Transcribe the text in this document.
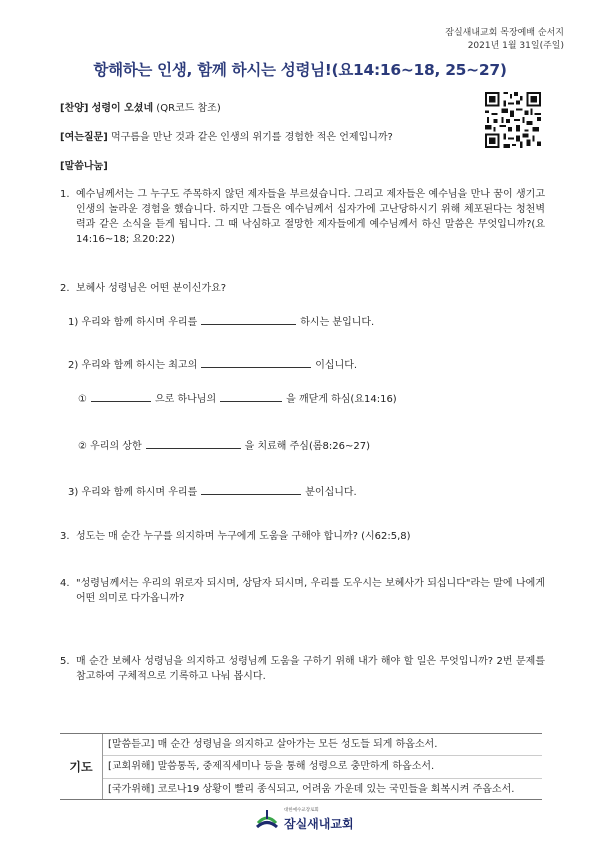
잠실새내교회 목장예배 순서지
2021년 1월 31일(주일)
항해하는 인생, 함께 하시는 성령님!(요14:16~18, 25~27)
[찬양] 성령이 오셨네 (QR코드 참조)
[여는질문] 먹구름을 만난 것과 같은 인생의 위기를 경험한 적은 언제입니까?
[말씀나눔]
1. 예수님께서는 그 누구도 주목하지 않던 제자들을 부르셨습니다. 그리고 제자들은 예수님을 만나 꿈이 생기고 인생의 놀라운 경험을 했습니다. 하지만 그들은 예수님께서 십자가에 고난당하시기 위해 체포된다는 청천벽력과 같은 소식을 듣게 됩니다. 그 때 낙심하고 절망한 제자들에게 예수님께서 하신 말씀은 무엇입니까?(요14:16~18; 요20:22)
2. 보혜사 성령님은 어떤 분이신가요?
1) 우리와 함께 하시며 우리를	하시는 분입니다.
2) 우리와 함께 하시는 최고의	이십니다.
①	으로 하나님의	을 깨닫게 하심(요14:16)
② 우리의 상한	을 치료해 주심(롬8:26~27)
3) 우리와 함께 하시며 우리를	분이십니다.
3. 성도는 매 순간 누구를 의지하며 누구에게 도움을 구해야 합니까? (시62:5,8)
4. "성령님께서는 우리의 위로자 되시며, 상담자 되시며, 우리를 도우시는 보혜사가 되십니다"라는 말에 나에게 어떤 의미로 다가옵니까?
5. 매 순간 보혜사 성령님을 의지하고 성령님께 도움을 구하기 위해 내가 해야 할 일은 무엇입니까? 2번 문제를 참고하여 구체적으로 기록하고 나눠 봅시다.
기도
[말씀듣고] 매 순간 성령님을 의지하고 살아가는 모든 성도들 되게 하옵소서.
[교회위해] 말씀통독, 중제직세미나 등을 통해 성령으로 충만하게 하옵소서.
[국가위해] 코로나19 상황이 빨리 종식되고, 어려움 가운데 있는 국민들을 회복시켜 주옵소서.
대한예수교장로회
잠실새내교회
